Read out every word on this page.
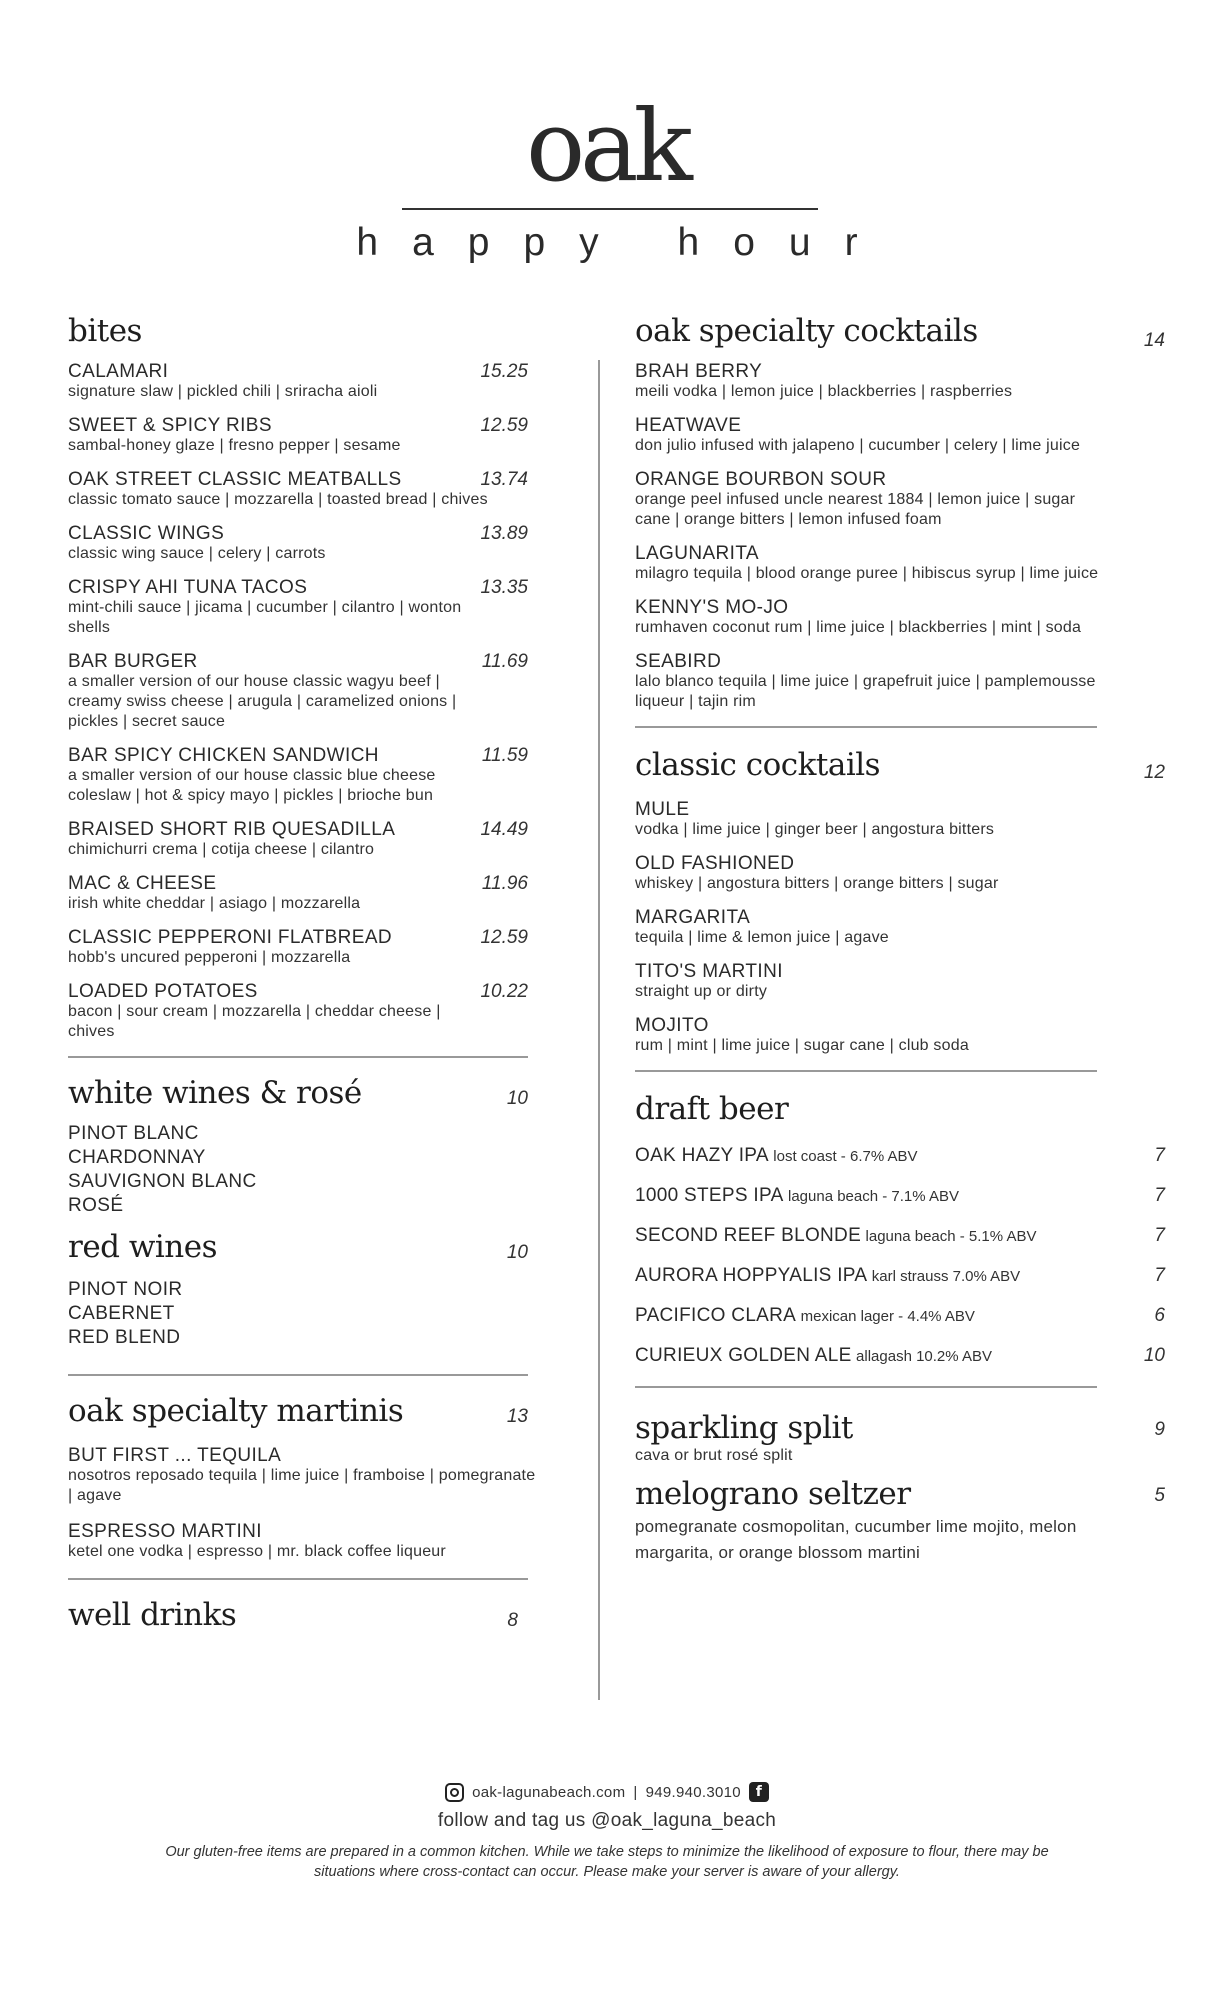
oak
happy hour
bites
CALAMARI	15.25
signature slaw | pickled chili | sriracha aioli
SWEET & SPICY RIBS	12.59
sambal-honey glaze | fresno pepper | sesame
OAK STREET CLASSIC MEATBALLS	13.74
classic tomato sauce | mozzarella | toasted bread | chives
CLASSIC WINGS	13.89
classic wing sauce | celery | carrots
CRISPY AHI TUNA TACOS	13.35
mint-chili sauce | jicama | cucumber | cilantro | wonton shells
BAR BURGER	11.69
a smaller version of our house classic wagyu beef | creamy swiss cheese | arugula | caramelized onions | pickles | secret sauce
BAR SPICY CHICKEN SANDWICH	11.59
a smaller version of our house classic blue cheese coleslaw | hot & spicy mayo | pickles | brioche bun
BRAISED SHORT RIB QUESADILLA	14.49
chimichurri crema | cotija cheese | cilantro
MAC & CHEESE	11.96
irish white cheddar | asiago | mozzarella
CLASSIC PEPPERONI FLATBREAD	12.59
hobb's uncured pepperoni | mozzarella
LOADED POTATOES	10.22
bacon | sour cream | mozzarella | cheddar cheese | chives
white wines & rosé	10
PINOT BLANC
CHARDONNAY
SAUVIGNON BLANC
ROSÉ
red wines	10
PINOT NOIR
CABERNET
RED BLEND
oak specialty martinis	13
BUT FIRST ... TEQUILA
nosotros reposado tequila | lime juice | framboise | pomegranate | agave
ESPRESSO MARTINI
ketel one vodka | espresso | mr. black coffee liqueur
well drinks	8
oak specialty cocktails	14
BRAH BERRY
meili vodka | lemon juice | blackberries | raspberries
HEATWAVE
don julio infused with jalapeno | cucumber | celery | lime juice
ORANGE BOURBON SOUR
orange peel infused uncle nearest 1884 | lemon juice | sugar cane | orange bitters | lemon infused foam
LAGUNARITA
milagro tequila | blood orange puree | hibiscus syrup | lime juice
KENNY'S MO-JO
rumhaven coconut rum | lime juice | blackberries | mint | soda
SEABIRD
lalo blanco tequila | lime juice | grapefruit juice | pamplemousse liqueur | tajin rim
classic cocktails	12
MULE
vodka | lime juice | ginger beer | angostura bitters
OLD FASHIONED
whiskey | angostura bitters | orange bitters | sugar
MARGARITA
tequila | lime & lemon juice | agave
TITO'S MARTINI
straight up or dirty
MOJITO
rum | mint | lime juice | sugar cane | club soda
draft beer
OAK HAZY IPA lost coast - 6.7% ABV	7
1000 STEPS IPA laguna beach - 7.1% ABV	7
SECOND REEF BLONDE laguna beach - 5.1% ABV	7
AURORA HOPPYALIS IPA karl strauss 7.0% ABV	7
PACIFICO CLARA mexican lager - 4.4% ABV	6
CURIEUX GOLDEN ALE allagash 10.2% ABV	10
sparkling split	9
cava or brut rosé split
melograno seltzer	5
pomegranate cosmopolitan, cucumber lime mojito, melon margarita, or orange blossom martini
oak-lagunabeach.com | 949.940.3010	f
follow and tag us @oak_laguna_beach
Our gluten-free items are prepared in a common kitchen. While we take steps to minimize the likelihood of exposure to flour, there may be situations where cross-contact can occur. Please make your server is aware of your allergy.
